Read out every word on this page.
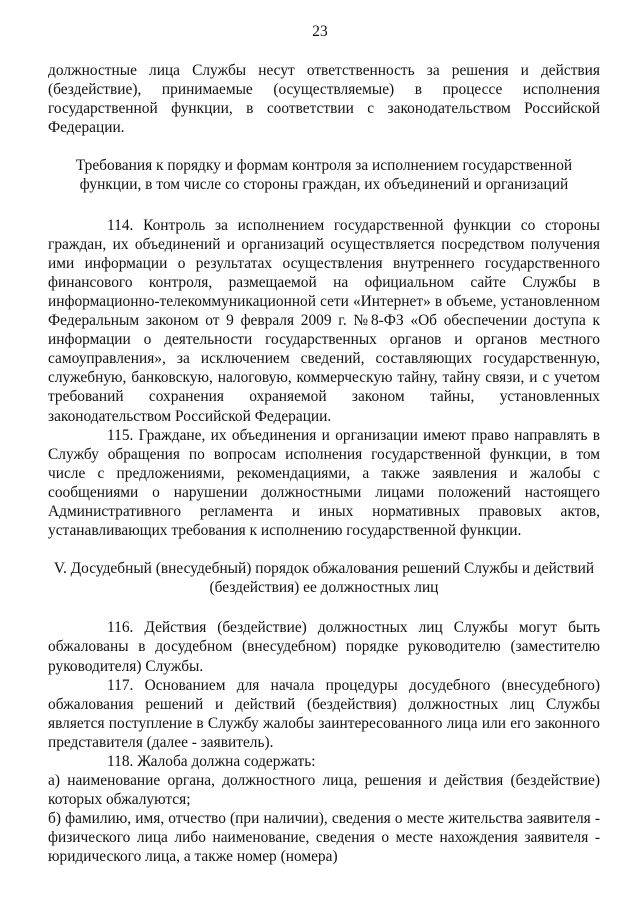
23

должностные лица Службы несут ответственность за решения и действия (бездействие), принимаемые (осуществляемые) в процессе исполнения государственной функции, в соответствии с законодательством Российской Федерации.

Требования к порядку и формам контроля за исполнением государственной функции, в том числе со стороны граждан, их объединений и организаций

114. Контроль за исполнением государственной функции со стороны граждан, их объединений и организаций осуществляется посредством получения ими информации о результатах осуществления внутреннего государственного финансового контроля, размещаемой на официальном сайте Службы в информационно-телекоммуникационной сети «Интернет» в объеме, установленном Федеральным законом от 9 февраля 2009 г. №8-ФЗ «Об обеспечении доступа к информации о деятельности государственных органов и органов местного самоуправления», за исключением сведений, составляющих государственную, служебную, банковскую, налоговую, коммерческую тайну, тайну связи, и с учетом требований сохранения охраняемой законом тайны, установленных законодательством Российской Федерации.

115. Граждане, их объединения и организации имеют право направлять в Службу обращения по вопросам исполнения государственной функции, в том числе с предложениями, рекомендациями, а также заявления и жалобы с сообщениями о нарушении должностными лицами положений настоящего Административного регламента и иных нормативных правовых актов, устанавливающих требования к исполнению государственной функции.

V. Досудебный (внесудебный) порядок обжалования решений Службы и действий (бездействия) ее должностных лиц

116. Действия (бездействие) должностных лиц Службы могут быть обжалованы в досудебном (внесудебном) порядке руководителю (заместителю руководителя) Службы.

117. Основанием для начала процедуры досудебного (внесудебного) обжалования решений и действий (бездействия) должностных лиц Службы является поступление в Службу жалобы заинтересованного лица или его законного представителя (далее - заявитель).

118. Жалоба должна содержать:

а) наименование органа, должностного лица, решения и действия (бездействие) которых обжалуются;

б) фамилию, имя, отчество (при наличии), сведения о месте жительства заявителя - физического лица либо наименование, сведения о месте нахождения заявителя - юридического лица, а также номер (номера)
